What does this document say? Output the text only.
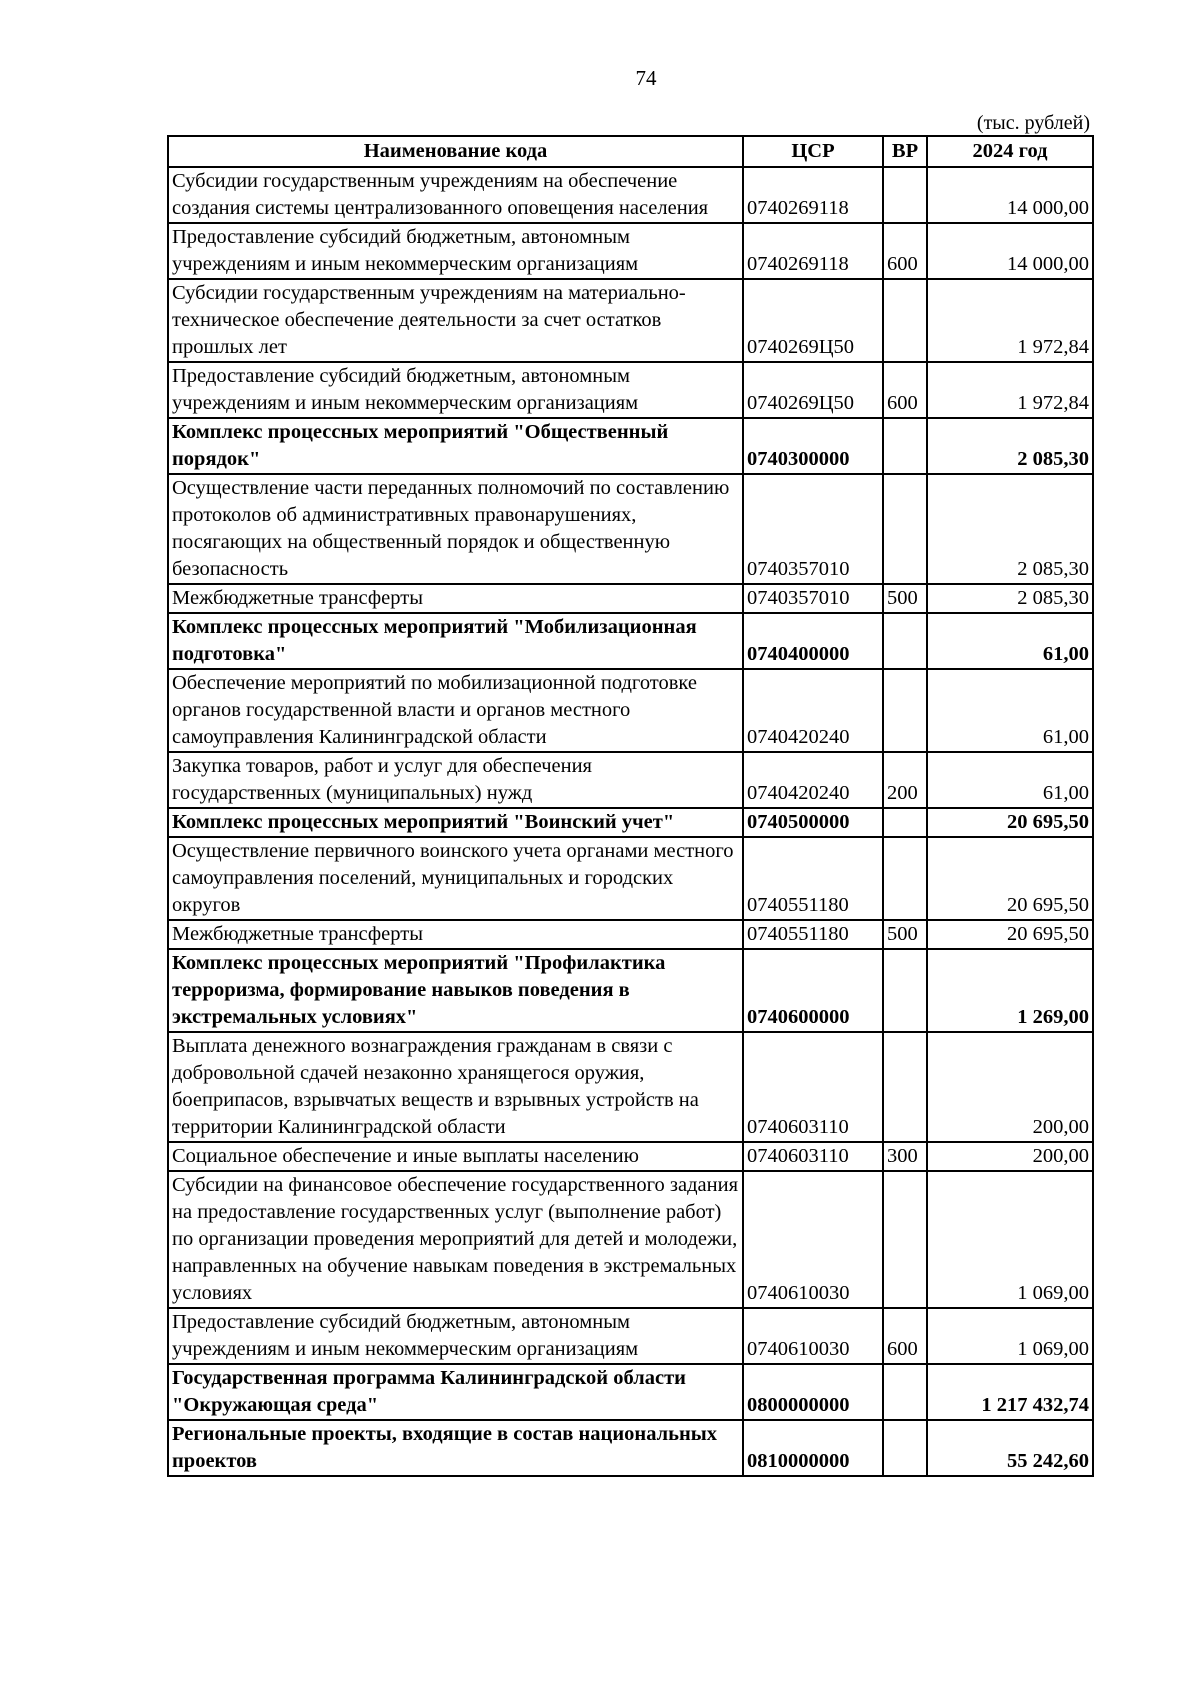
74
(тыс. рублей)
Наименование кода	ЦСР	ВР	2024 год
Субсидии государственным учреждениям на обеспечение создания системы централизованного оповещения населения	0740269118		14 000,00
Предоставление субсидий бюджетным, автономным учреждениям и иным некоммерческим организациям	0740269118	600	14 000,00
Субсидии государственным учреждениям на материально-техническое обеспечение деятельности за счет остатков прошлых лет	0740269Ц50		1 972,84
Предоставление субсидий бюджетным, автономным учреждениям и иным некоммерческим организациям	0740269Ц50	600	1 972,84
Комплекс процессных мероприятий "Общественный порядок"	0740300000		2 085,30
Осуществление части переданных полномочий по составлению протоколов об административных правонарушениях, посягающих на общественный порядок и общественную безопасность	0740357010		2 085,30
Межбюджетные трансферты	0740357010	500	2 085,30
Комплекс процессных мероприятий "Мобилизационная подготовка"	0740400000		61,00
Обеспечение мероприятий по мобилизационной подготовке органов государственной власти и органов местного самоуправления Калининградской области	0740420240		61,00
Закупка товаров, работ и услуг для обеспечения государственных (муниципальных) нужд	0740420240	200	61,00
Комплекс процессных мероприятий "Воинский учет"	0740500000		20 695,50
Осуществление первичного воинского учета органами местного самоуправления поселений, муниципальных и городских округов	0740551180		20 695,50
Межбюджетные трансферты	0740551180	500	20 695,50
Комплекс процессных мероприятий "Профилактика терроризма, формирование навыков поведения в экстремальных условиях"	0740600000		1 269,00
Выплата денежного вознаграждения гражданам в связи с добровольной сдачей незаконно хранящегося оружия, боеприпасов, взрывчатых веществ и взрывных устройств на территории Калининградской области	0740603110		200,00
Социальное обеспечение и иные выплаты населению	0740603110	300	200,00
Субсидии на финансовое обеспечение государственного задания на предоставление государственных услуг (выполнение работ) по организации проведения мероприятий для детей и молодежи, направленных на обучение навыкам поведения в экстремальных условиях	0740610030		1 069,00
Предоставление субсидий бюджетным, автономным учреждениям и иным некоммерческим организациям	0740610030	600	1 069,00
Государственная программа Калининградской области "Окружающая среда"	0800000000		1 217 432,74
Региональные проекты, входящие в состав национальных проектов	0810000000		55 242,60
